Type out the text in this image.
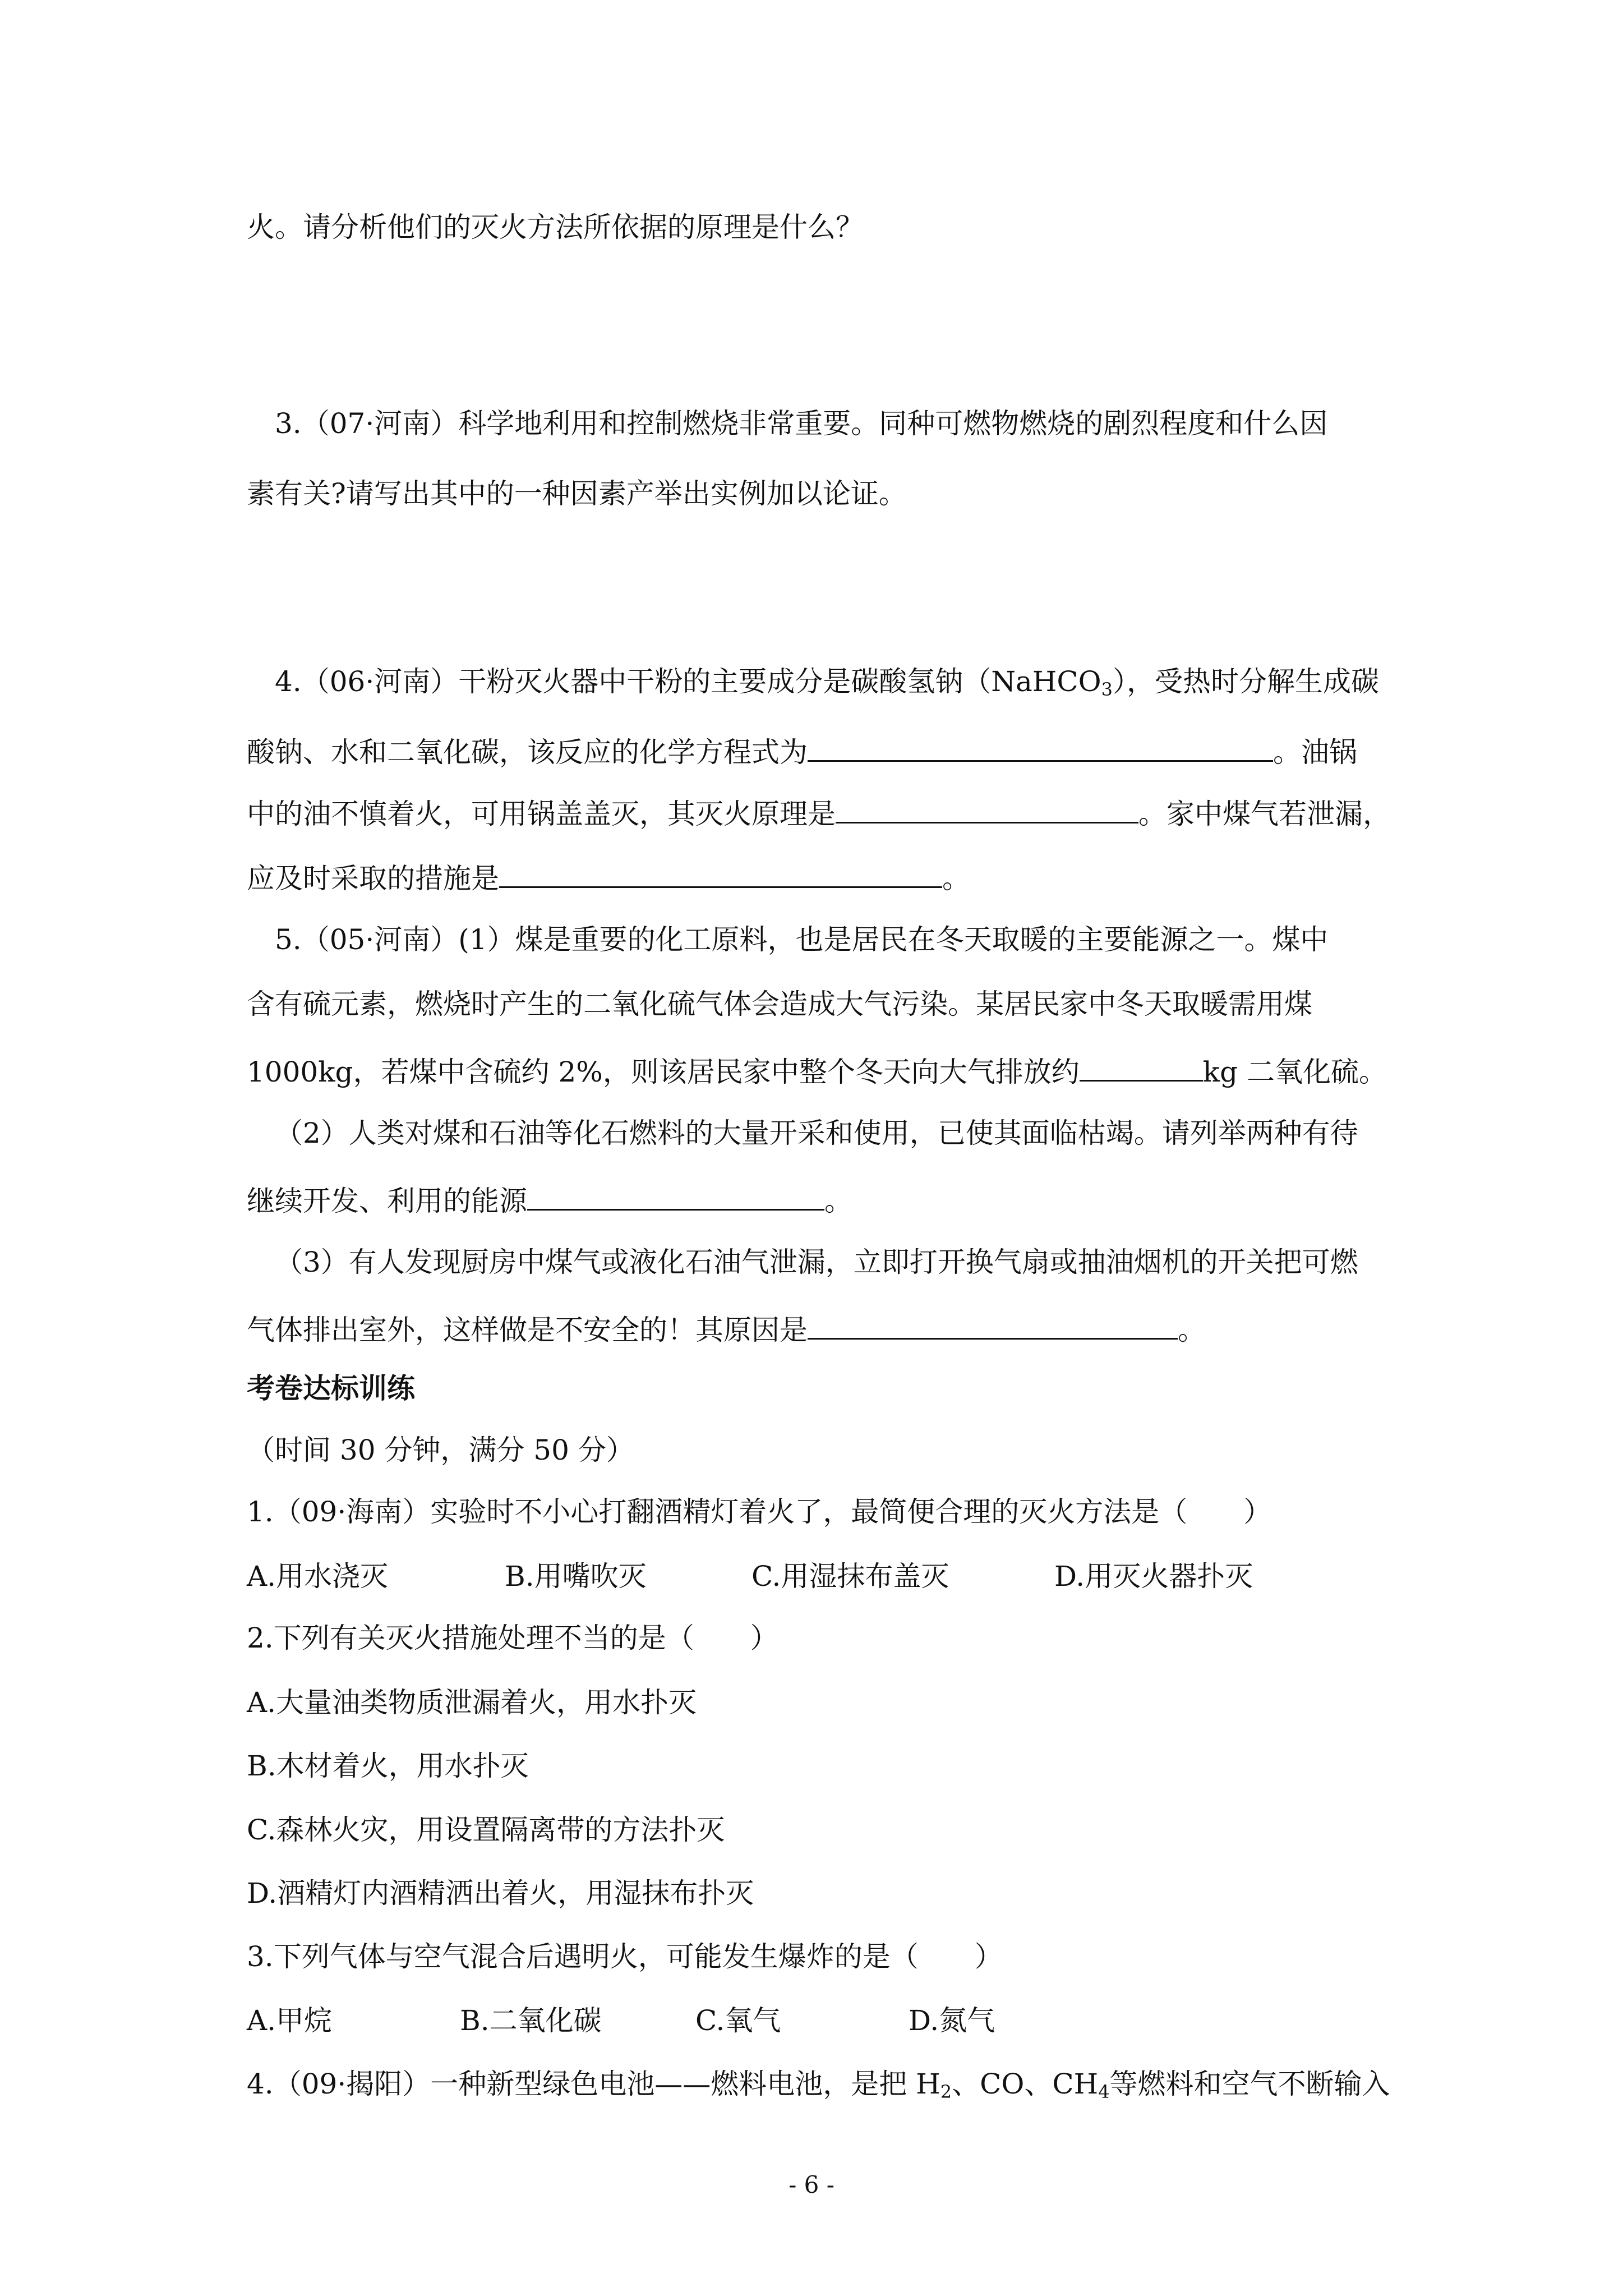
火。请分析他们的灭火方法所依据的原理是什么？
3.（07·河南）科学地利用和控制燃烧非常重要。同种可燃物燃烧的剧烈程度和什么因
素有关?请写出其中的一种因素产举出实例加以论证。
4.（06·河南）干粉灭火器中干粉的主要成分是碳酸氢钠（NaHCO$_3$），受热时分解生成碳
酸钠、水和二氧化碳，该反应的化学方程式为	。油锅
中的油不慎着火，可用锅盖盖灭，其灭火原理是	。家中煤气若泄漏，
应及时采取的措施是	。
5.（05·河南）(1）煤是重要的化工原料，也是居民在冬天取暖的主要能源之一。煤中
含有硫元素，燃烧时产生的二氧化硫气体会造成大气污染。某居民家中冬天取暖需用煤
1000kg，若煤中含硫约 2%，则该居民家中整个冬天向大气排放约	kg 二氧化硫。
（2）人类对煤和石油等化石燃料的大量开采和使用，已使其面临枯竭。请列举两种有待
继续开发、利用的能源	。
（3）有人发现厨房中煤气或液化石油气泄漏，立即打开换气扇或抽油烟机的开关把可燃
气体排出室外，这样做是不安全的！其原因是	。
考卷达标训练
（时间 30 分钟，满分 50 分）
1.（09·海南）实验时不小心打翻酒精灯着火了，最简便合理的灭火方法是（　　）
A.用水浇灭	B.用嘴吹灭	C.用湿抹布盖灭	D.用灭火器扑灭
2.下列有关灭火措施处理不当的是（　　）
A.大量油类物质泄漏着火，用水扑灭
B.木材着火，用水扑灭
C.森林火灾，用设置隔离带的方法扑灭
D.酒精灯内酒精洒出着火，用湿抹布扑灭
3.下列气体与空气混合后遇明火，可能发生爆炸的是（　　）
A.甲烷	B.二氧化碳	C.氧气	D.氮气
4.（09·揭阳）一种新型绿色电池——燃料电池，是把 $H_2$、CO、$CH_4$等燃料和空气不断输入
- 6 -
